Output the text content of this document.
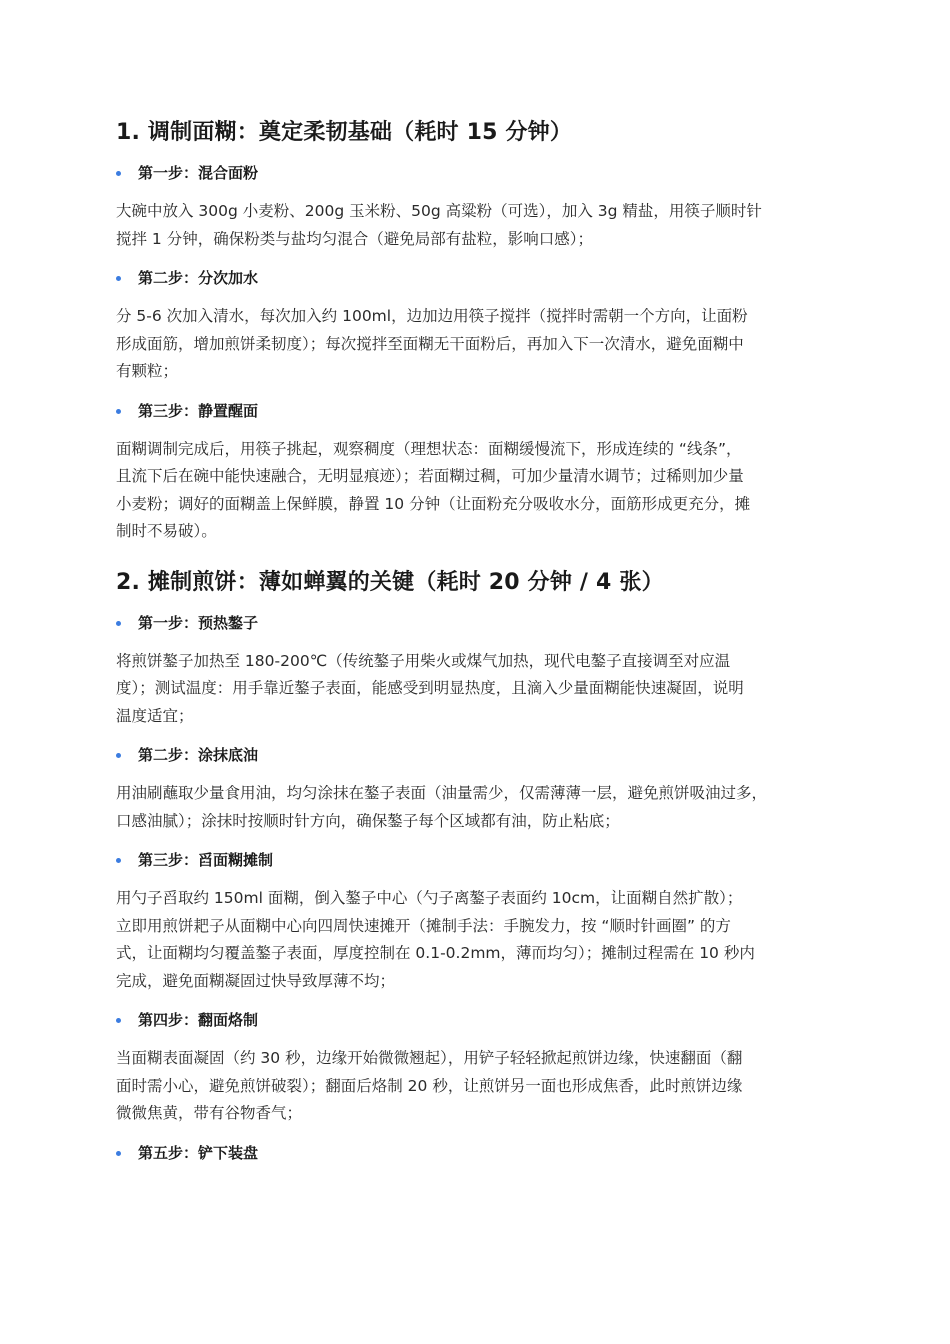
1. 调制面糊：奠定柔韧基础（耗时 15 分钟）
第一步：混合面粉

大碗中放入 300g 小麦粉、200g 玉米粉、50g 高粱粉（可选），加入 3g 精盐，用筷子顺时针
搅拌 1 分钟，确保粉类与盐均匀混合（避免局部有盐粒，影响口感）；

第二步：分次加水

分 5-6 次加入清水，每次加入约 100ml，边加边用筷子搅拌（搅拌时需朝一个方向，让面粉
形成面筋，增加煎饼柔韧度）；每次搅拌至面糊无干面粉后，再加入下一次清水，避免面糊中
有颗粒；

第三步：静置醒面

面糊调制完成后，用筷子挑起，观察稠度（理想状态：面糊缓慢流下，形成连续的 “线条”，
且流下后在碗中能快速融合，无明显痕迹）；若面糊过稠，可加少量清水调节；过稀则加少量
小麦粉；调好的面糊盖上保鲜膜，静置 10 分钟（让面粉充分吸收水分，面筋形成更充分，摊
制时不易破）。

2. 摊制煎饼：薄如蝉翼的关键（耗时 20 分钟 / 4 张）
第一步：预热鏊子

将煎饼鏊子加热至 180-200℃（传统鏊子用柴火或煤气加热，现代电鏊子直接调至对应温
度）；测试温度：用手靠近鏊子表面，能感受到明显热度，且滴入少量面糊能快速凝固，说明
温度适宜；

第二步：涂抹底油

用油刷蘸取少量食用油，均匀涂抹在鏊子表面（油量需少，仅需薄薄一层，避免煎饼吸油过多，
口感油腻）；涂抹时按顺时针方向，确保鏊子每个区域都有油，防止粘底；

第三步：舀面糊摊制

用勺子舀取约 150ml 面糊，倒入鏊子中心（勺子离鏊子表面约 10cm，让面糊自然扩散）；
立即用煎饼耙子从面糊中心向四周快速摊开（摊制手法：手腕发力，按 “顺时针画圈” 的方
式，让面糊均匀覆盖鏊子表面，厚度控制在 0.1-0.2mm，薄而均匀）；摊制过程需在 10 秒内
完成，避免面糊凝固过快导致厚薄不均；

第四步：翻面烙制

当面糊表面凝固（约 30 秒，边缘开始微微翘起），用铲子轻轻掀起煎饼边缘，快速翻面（翻
面时需小心，避免煎饼破裂）；翻面后烙制 20 秒，让煎饼另一面也形成焦香，此时煎饼边缘
微微焦黄，带有谷物香气；

第五步：铲下装盘
